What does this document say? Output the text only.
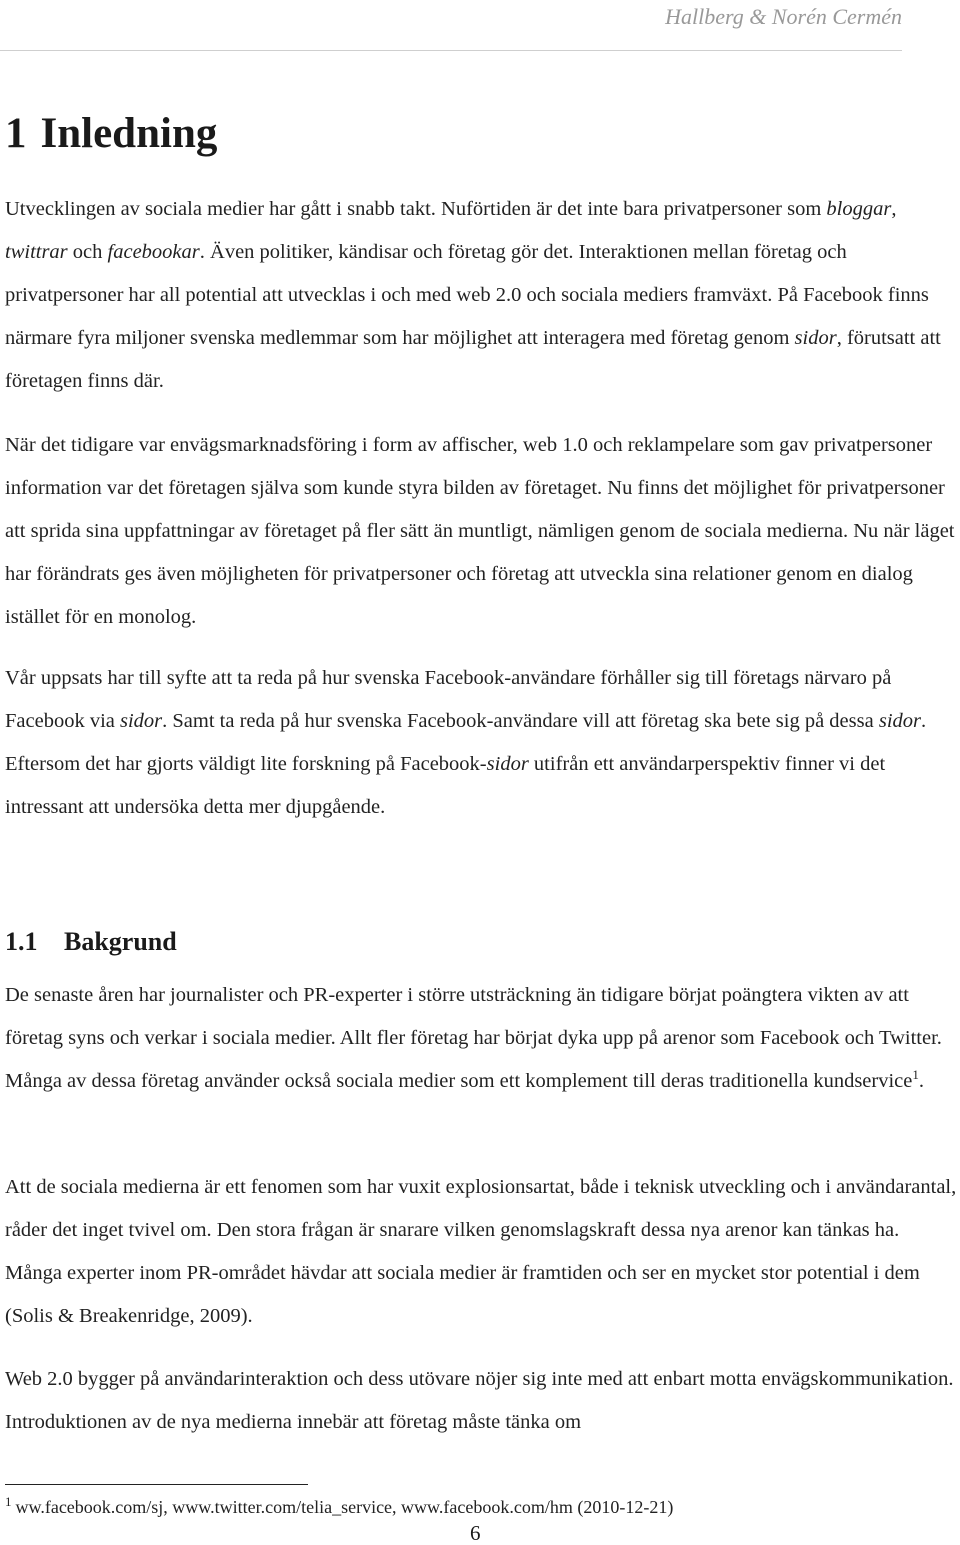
Hallberg & Norén Cermén
1 Inledning

Utvecklingen av sociala medier har gått i snabb takt. Nuförtiden är det inte bara privatpersoner som bloggar, twittrar och facebookar. Även politiker, kändisar och företag gör det. Interaktionen mellan företag och privatpersoner har all potential att utvecklas i och med web 2.0 och sociala mediers framväxt. På Facebook finns närmare fyra miljoner svenska medlemmar som har möjlighet att interagera med företag genom sidor, förutsatt att företagen finns där.

När det tidigare var envägsmarknadsföring i form av affischer, web 1.0 och reklampelare som gav privatpersoner information var det företagen själva som kunde styra bilden av företaget. Nu finns det möjlighet för privatpersoner att sprida sina uppfattningar av företaget på fler sätt än muntligt, nämligen genom de sociala medierna. Nu när läget har förändrats ges även möjligheten för privatpersoner och företag att utveckla sina relationer genom en dialog istället för en monolog.

Vår uppsats har till syfte att ta reda på hur svenska Facebook-användare förhåller sig till företags närvaro på Facebook via sidor. Samt ta reda på hur svenska Facebook-användare vill att företag ska bete sig på dessa sidor. Eftersom det har gjorts väldigt lite forskning på Facebook-sidor utifrån ett användarperspektiv finner vi det intressant att undersöka detta mer djupgående.

1.1 Bakgrund

De senaste åren har journalister och PR-experter i större utsträckning än tidigare börjat poängtera vikten av att företag syns och verkar i sociala medier. Allt fler företag har börjat dyka upp på arenor som Facebook och Twitter. Många av dessa företag använder också sociala medier som ett komplement till deras traditionella kundservice$^1$.

Att de sociala medierna är ett fenomen som har vuxit explosionsartat, både i teknisk utveckling och i användarantal, råder det inget tvivel om. Den stora frågan är snarare vilken genomslagskraft dessa nya arenor kan tänkas ha. Många experter inom PR-området hävdar att sociala medier är framtiden och ser en mycket stor potential i dem (Solis & Breakenridge, 2009).

Web 2.0 bygger på användarinteraktion och dess utövare nöjer sig inte med att enbart motta envägskommunikation. Introduktionen av de nya medierna innebär att företag måste tänka om

$^1$ ww.facebook.com/sj, www.twitter.com/telia_service, www.facebook.com/hm (2010-12-21)
6
